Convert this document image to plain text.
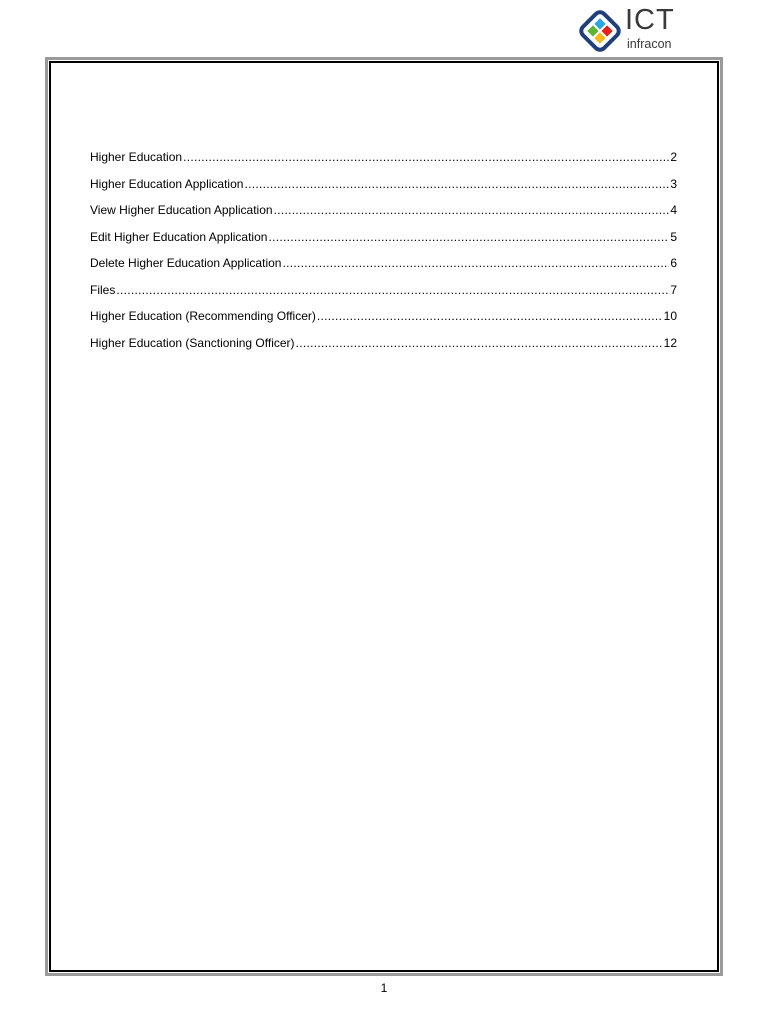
ICT
infracon
Higher Education .....	2
Higher Education Application .....	3
View Higher Education Application .....	4
Edit Higher Education Application .....	5
Delete Higher Education Application .....	6
Files .....	7
Higher Education (Recommending Officer) .....	10
Higher Education (Sanctioning Officer) .....	12
1
